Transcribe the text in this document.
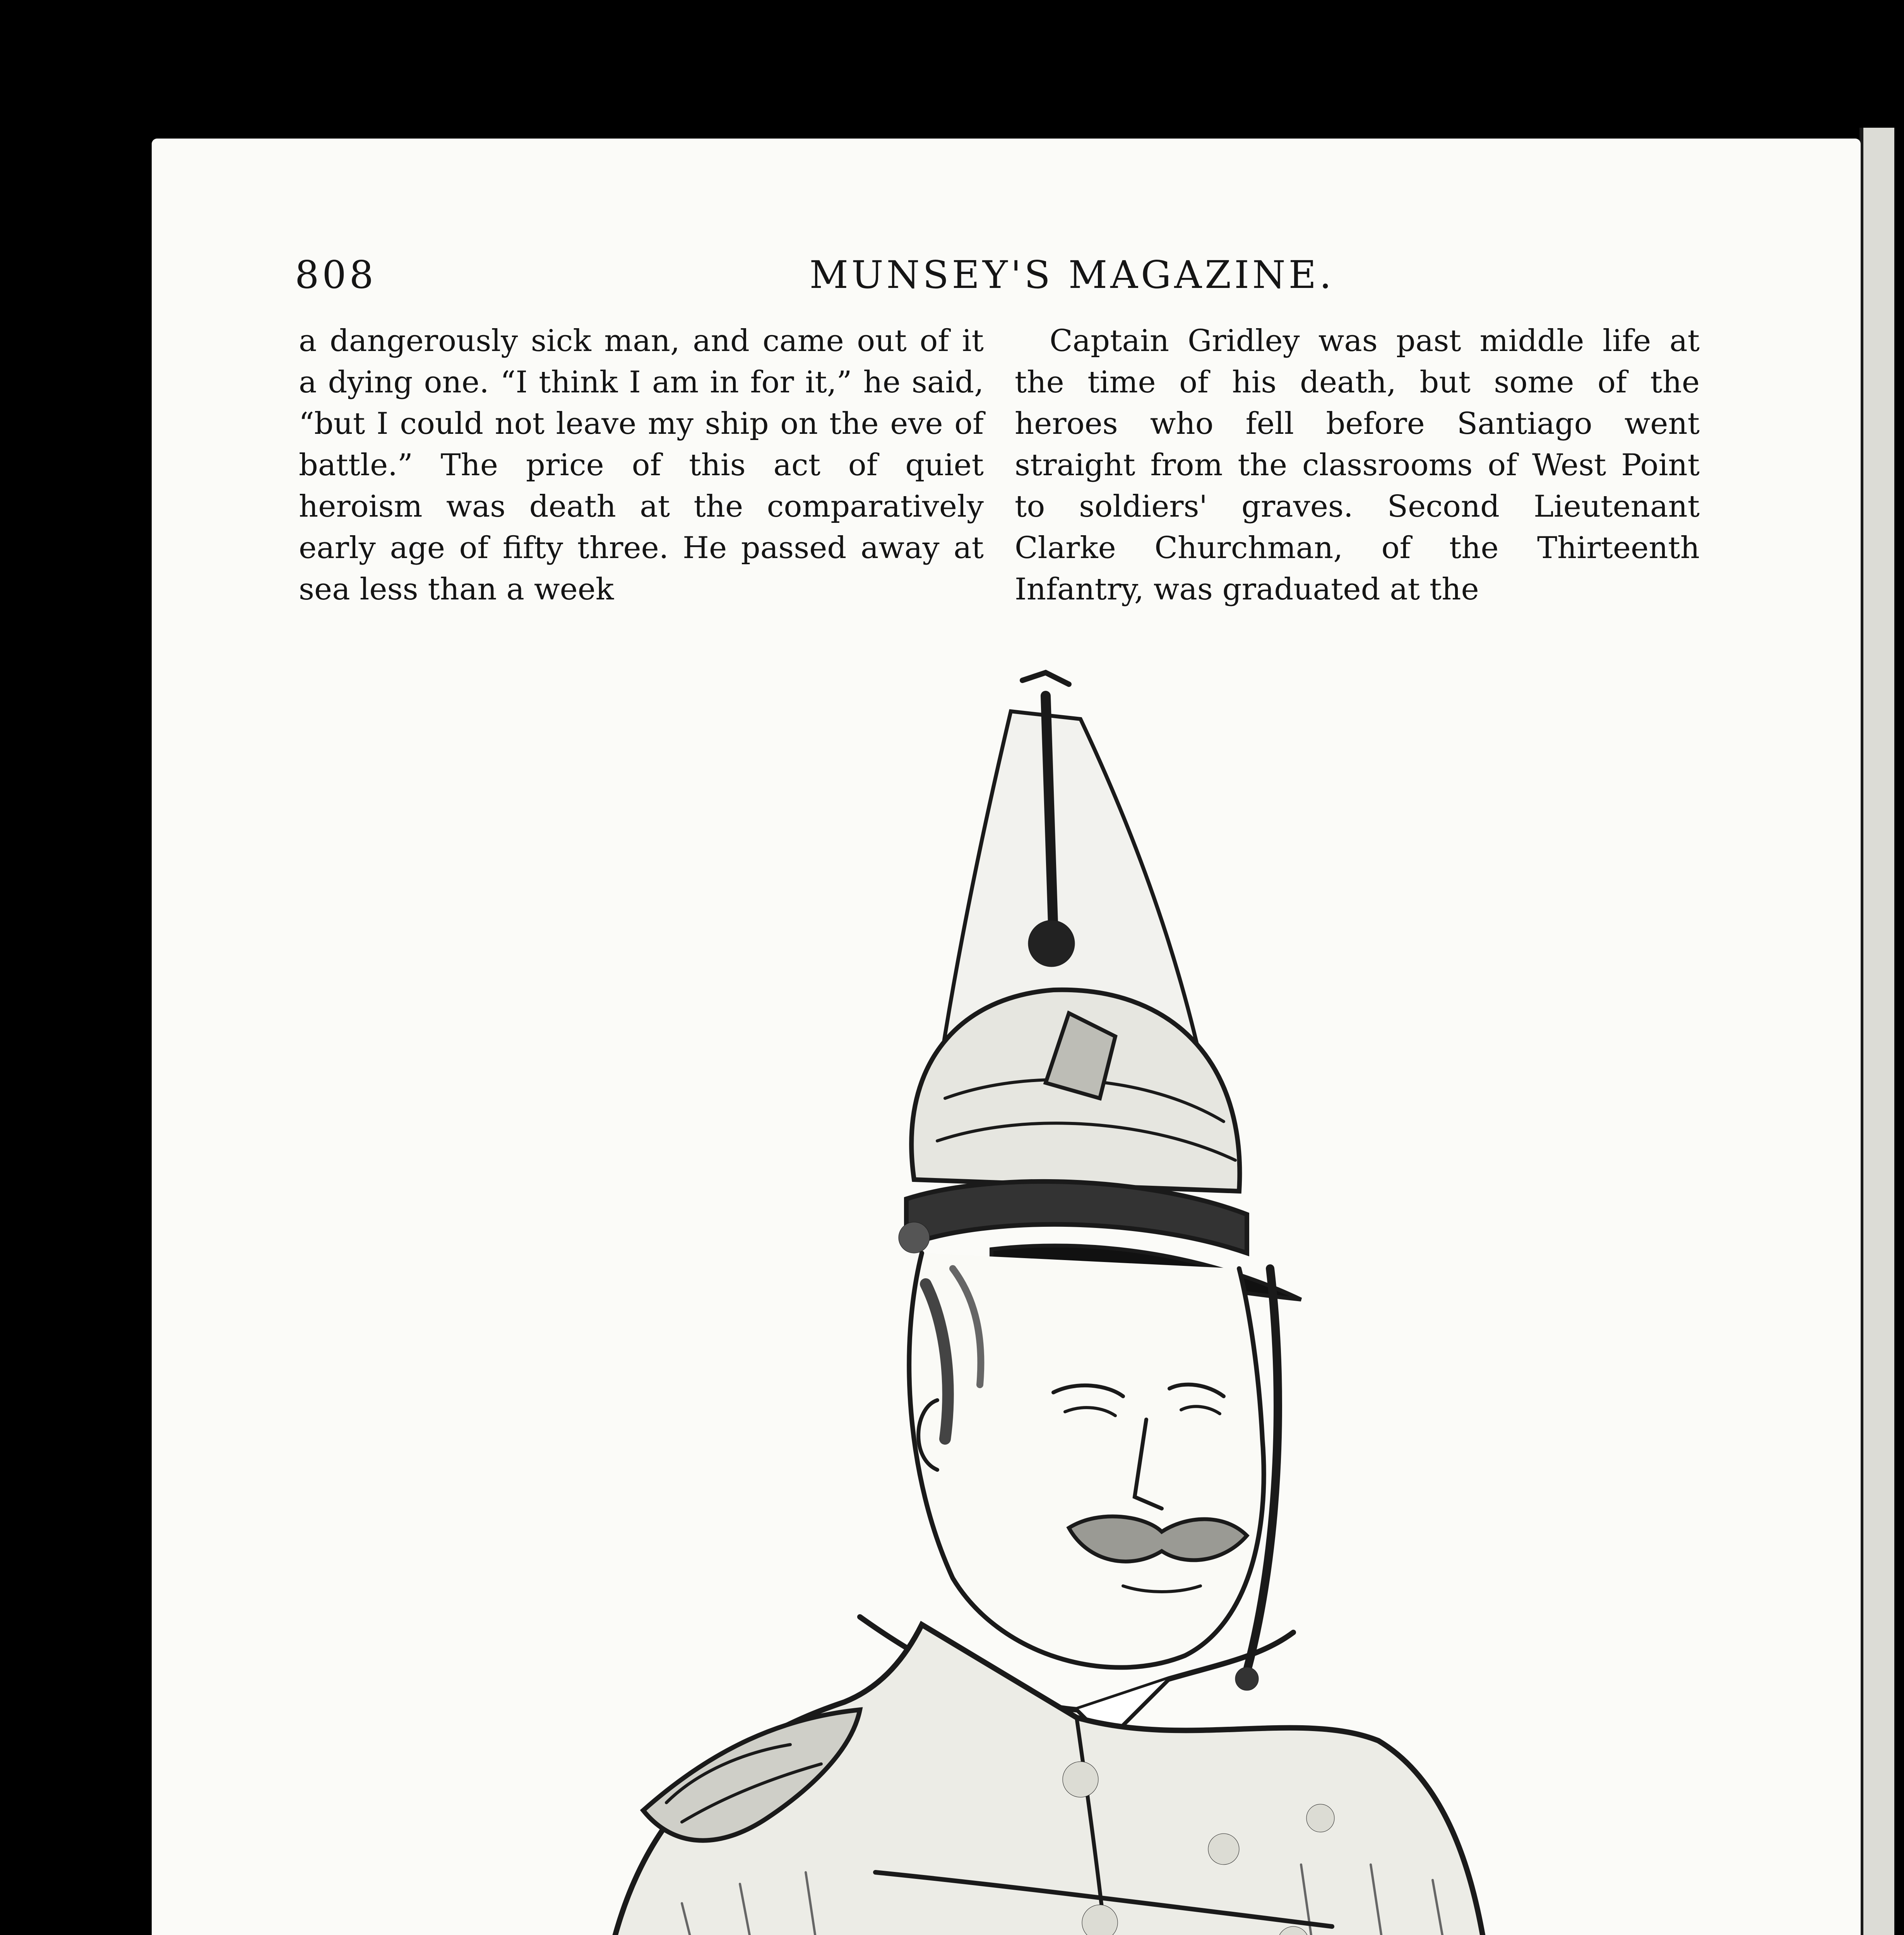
808	MUNSEY'S MAGAZINE.

a dangerously sick man, and came out of it a dying one. “I think I am in for it,” he said, “but I could not leave my ship on the eve of battle.” The price of this act of quiet heroism was death at the comparatively early age of fifty three. He passed away at sea less than a week

Captain Gridley was past middle life at the time of his death, but some of the heroes who fell before Santiago went straight from the classrooms of West Point to soldiers' graves. Second Lieutenant Clarke Churchman, of the Thirteenth Infantry, was graduated at the
